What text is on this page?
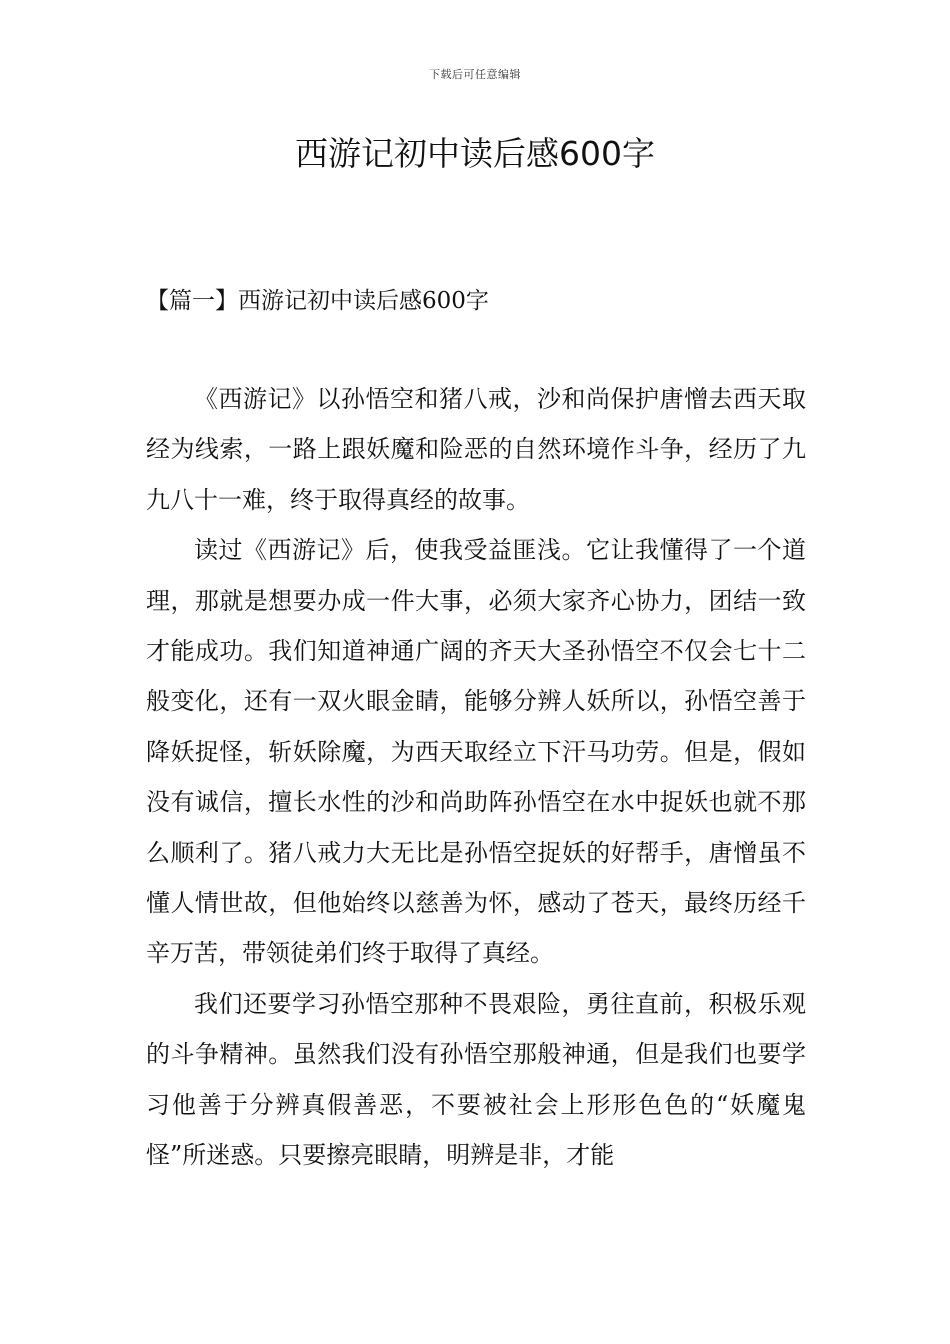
下载后可任意编辑
西游记初中读后感600字
【篇一】西游记初中读后感600字

《西游记》以孙悟空和猪八戒，沙和尚保护唐憎去西天取经为线索，一路上跟妖魔和险恶的自然环境作斗争，经历了九九八十一难，终于取得真经的故事。

读过《西游记》后，使我受益匪浅。它让我懂得了一个道理，那就是想要办成一件大事，必须大家齐心协力，团结一致才能成功。我们知道神通广阔的齐天大圣孙悟空不仅会七十二般变化，还有一双火眼金睛，能够分辨人妖所以，孙悟空善于降妖捉怪，斩妖除魔，为西天取经立下汗马功劳。但是，假如没有诚信，擅长水性的沙和尚助阵孙悟空在水中捉妖也就不那么顺利了。猪八戒力大无比是孙悟空捉妖的好帮手，唐憎虽不懂人情世故，但他始终以慈善为怀，感动了苍天，最终历经千辛万苦，带领徒弟们终于取得了真经。

我们还要学习孙悟空那种不畏艰险，勇往直前，积极乐观的斗争精神。虽然我们没有孙悟空那般神通，但是我们也要学习他善于分辨真假善恶，不要被社会上形形色色的“妖魔鬼怪”所迷惑。只要擦亮眼睛，明辨是非，才能
